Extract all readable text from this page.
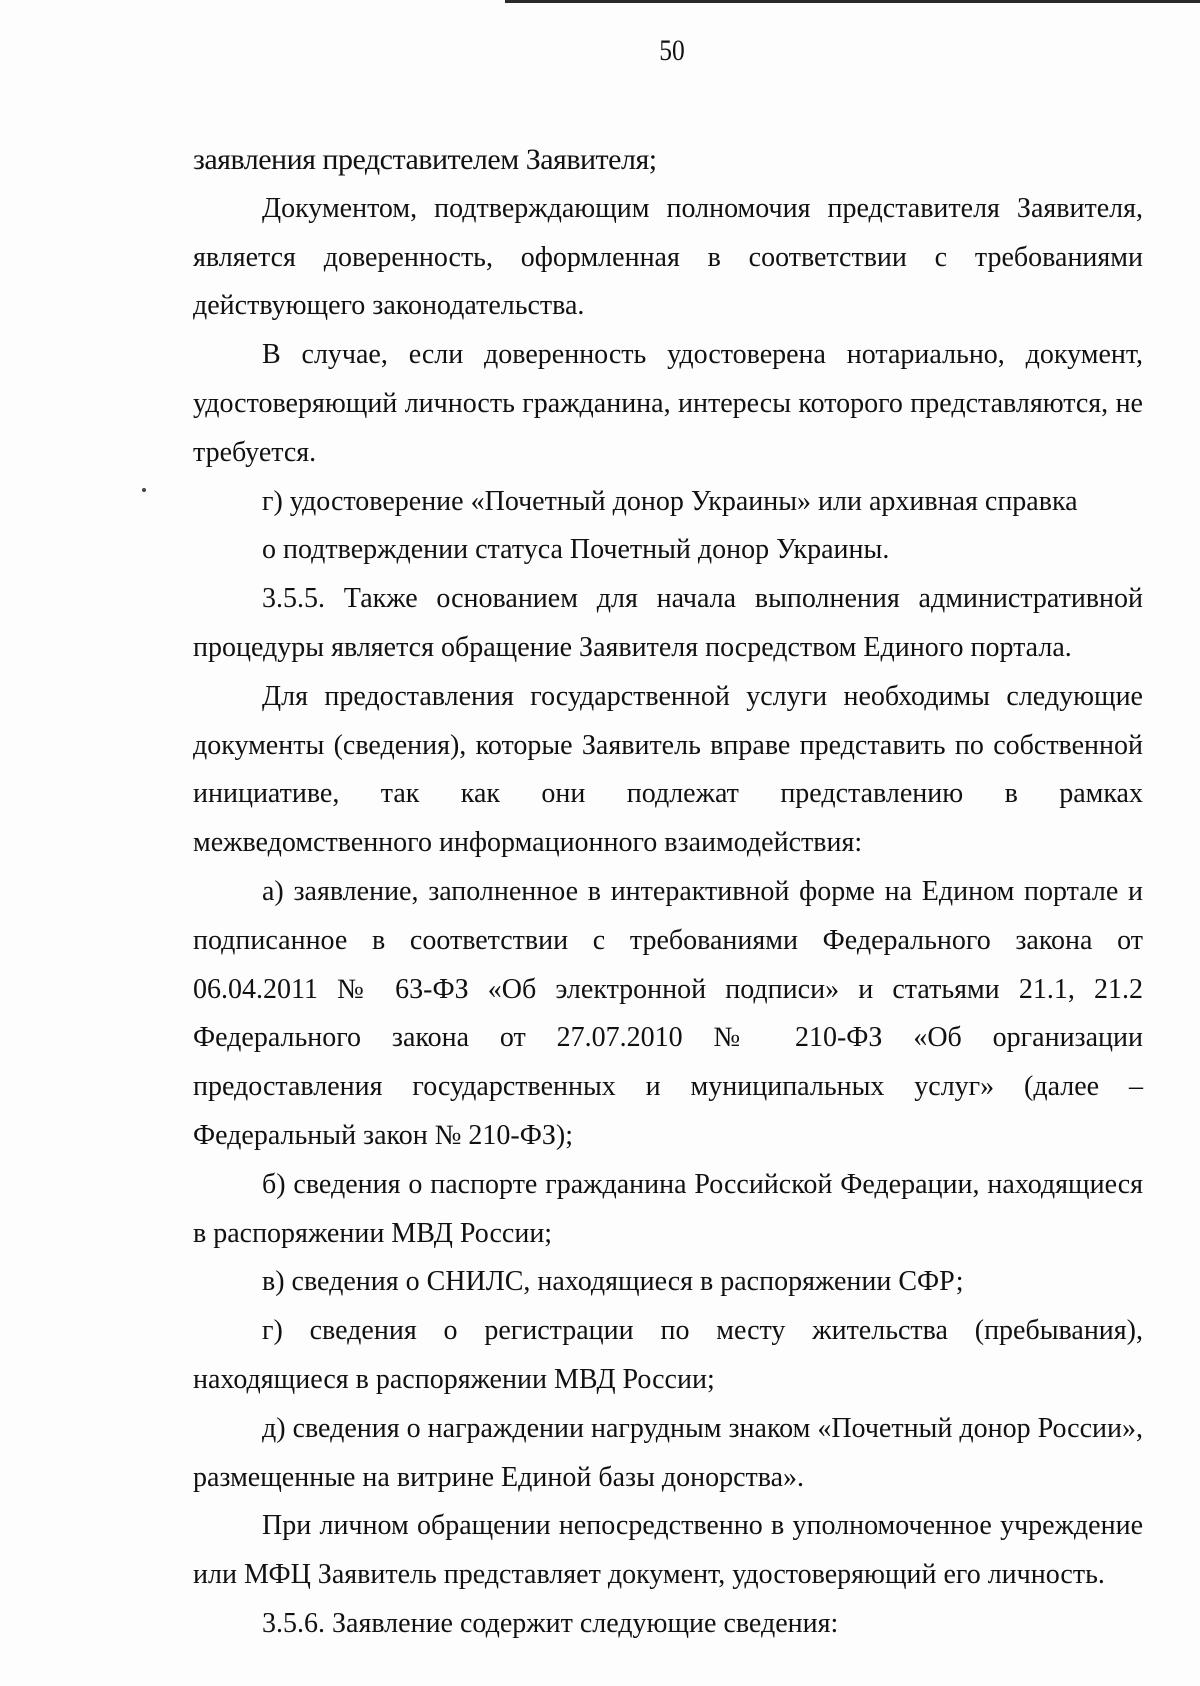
50

заявления представителем Заявителя;

Документом, подтверждающим полномочия представителя Заявителя, является доверенность, оформленная в соответствии с требованиями действующего законодательства.

В случае, если доверенность удостоверена нотариально, документ, удостоверяющий личность гражданина, интересы которого представляются, не требуется.

г) удостоверение «Почетный донор Украины» или архивная справка

о подтверждении статуса Почетный донор Украины.

3.5.5. Также основанием для начала выполнения административной процедуры является обращение Заявителя посредством Единого портала.

Для предоставления государственной услуги необходимы следующие документы (сведения), которые Заявитель вправе представить по собственной инициативе, так как они подлежат представлению в рамках межведомственного информационного взаимодействия:

а) заявление, заполненное в интерактивной форме на Едином портале и подписанное в соответствии с требованиями Федерального закона от 06.04.2011 № 63-ФЗ «Об электронной подписи» и статьями 21.1, 21.2 Федерального закона от 27.07.2010 № 210-ФЗ «Об организации предоставления государственных и муниципальных услуг» (далее – Федеральный закон № 210-ФЗ);

б) сведения о паспорте гражданина Российской Федерации, находящиеся в распоряжении МВД России;

в) сведения о СНИЛС, находящиеся в распоряжении СФР;

г) сведения о регистрации по месту жительства (пребывания), находящиеся в распоряжении МВД России;

д) сведения о награждении нагрудным знаком «Почетный донор России», размещенные на витрине Единой базы донорства».

При личном обращении непосредственно в уполномоченное учреждение или МФЦ Заявитель представляет документ, удостоверяющий его личность.

3.5.6. Заявление содержит следующие сведения:
